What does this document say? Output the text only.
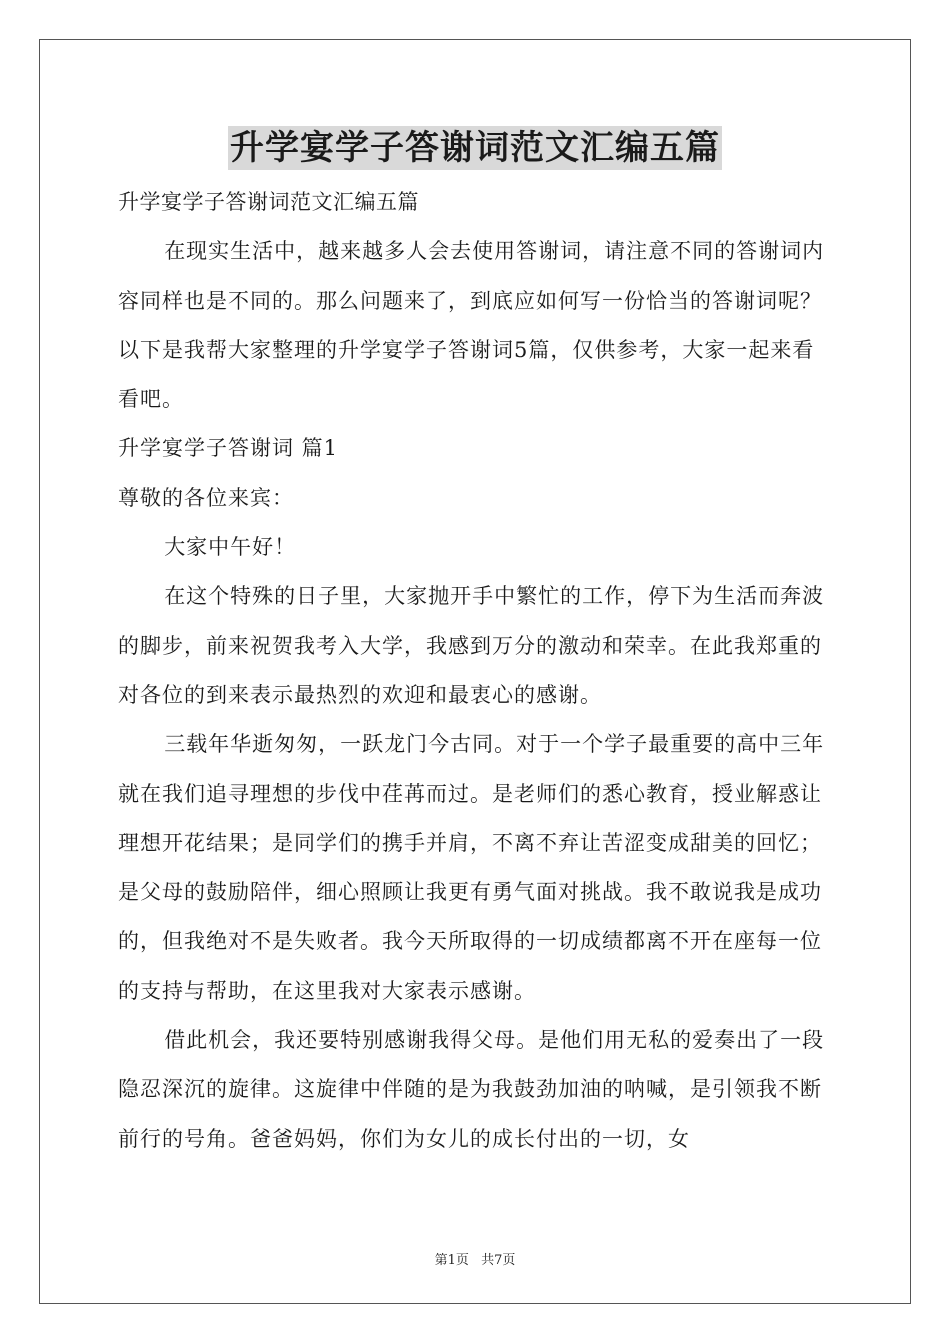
升学宴学子答谢词范文汇编五篇

升学宴学子答谢词范文汇编五篇

在现实生活中，越来越多人会去使用答谢词，请注意不同的答谢词内容同样也是不同的。那么问题来了，到底应如何写一份恰当的答谢词呢？以下是我帮大家整理的升学宴学子答谢词5篇，仅供参考，大家一起来看看吧。

升学宴学子答谢词 篇1

尊敬的各位来宾：

大家中午好！

在这个特殊的日子里，大家抛开手中繁忙的工作，停下为生活而奔波的脚步，前来祝贺我考入大学，我感到万分的激动和荣幸。在此我郑重的对各位的到来表示最热烈的欢迎和最衷心的感谢。

三载年华逝匆匆，一跃龙门今古同。对于一个学子最重要的高中三年就在我们追寻理想的步伐中荏苒而过。是老师们的悉心教育，授业解惑让理想开花结果；是同学们的携手并肩，不离不弃让苦涩变成甜美的回忆；是父母的鼓励陪伴，细心照顾让我更有勇气面对挑战。我不敢说我是成功的，但我绝对不是失败者。我今天所取得的一切成绩都离不开在座每一位的支持与帮助，在这里我对大家表示感谢。

借此机会，我还要特别感谢我得父母。是他们用无私的爱奏出了一段隐忍深沉的旋律。这旋律中伴随的是为我鼓劲加油的呐喊，是引领我不断前行的号角。爸爸妈妈，你们为女儿的成长付出的一切，女

第1页 共7页
